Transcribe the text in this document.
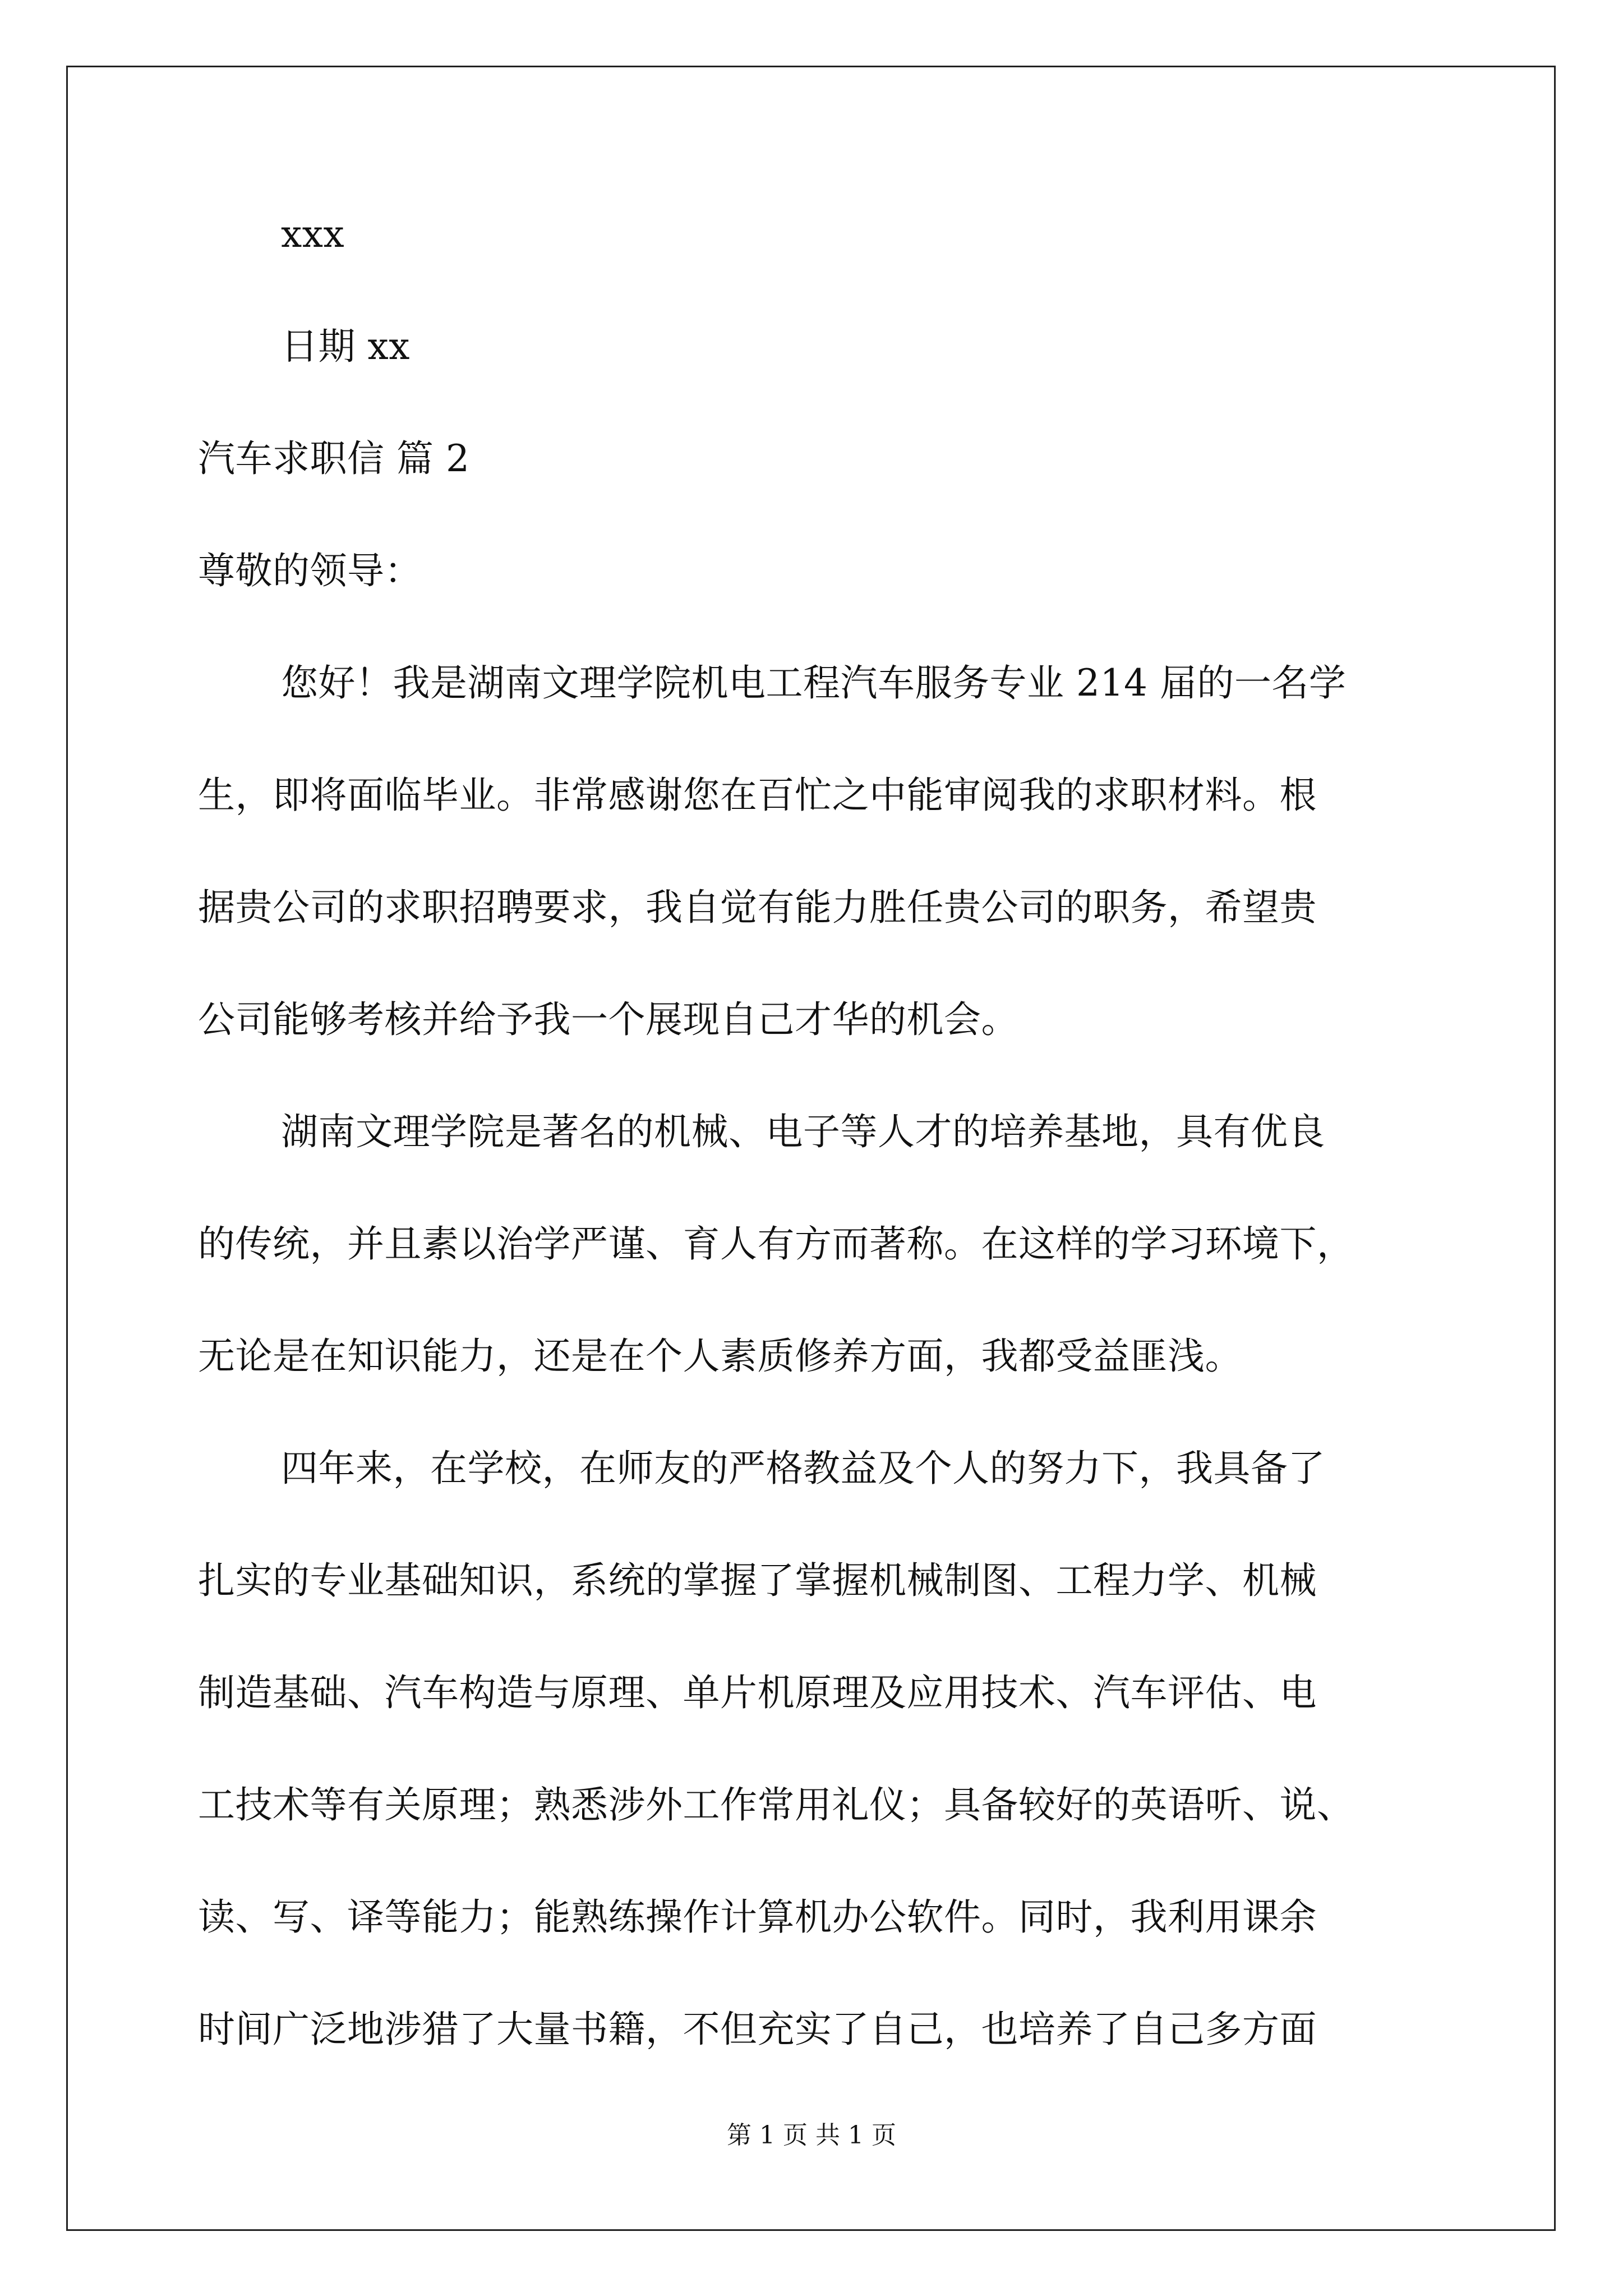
xxx
日期 xx
汽车求职信 篇 2
尊敬的领导：
您好！我是湖南文理学院机电工程汽车服务专业 214 届的一名学
生，即将面临毕业。非常感谢您在百忙之中能审阅我的求职材料。根
据贵公司的求职招聘要求，我自觉有能力胜任贵公司的职务，希望贵
公司能够考核并给予我一个展现自己才华的机会。
湖南文理学院是著名的机械、电子等人才的培养基地，具有优良
的传统，并且素以治学严谨、育人有方而著称。在这样的学习环境下，
无论是在知识能力，还是在个人素质修养方面，我都受益匪浅。
四年来，在学校，在师友的严格教益及个人的努力下，我具备了
扎实的专业基础知识，系统的掌握了掌握机械制图、工程力学、机械
制造基础、汽车构造与原理、单片机原理及应用技术、汽车评估、电
工技术等有关原理；熟悉涉外工作常用礼仪；具备较好的英语听、说、
读、写、译等能力；能熟练操作计算机办公软件。同时，我利用课余
时间广泛地涉猎了大量书籍，不但充实了自己，也培养了自己多方面
第 1 页 共 1 页
